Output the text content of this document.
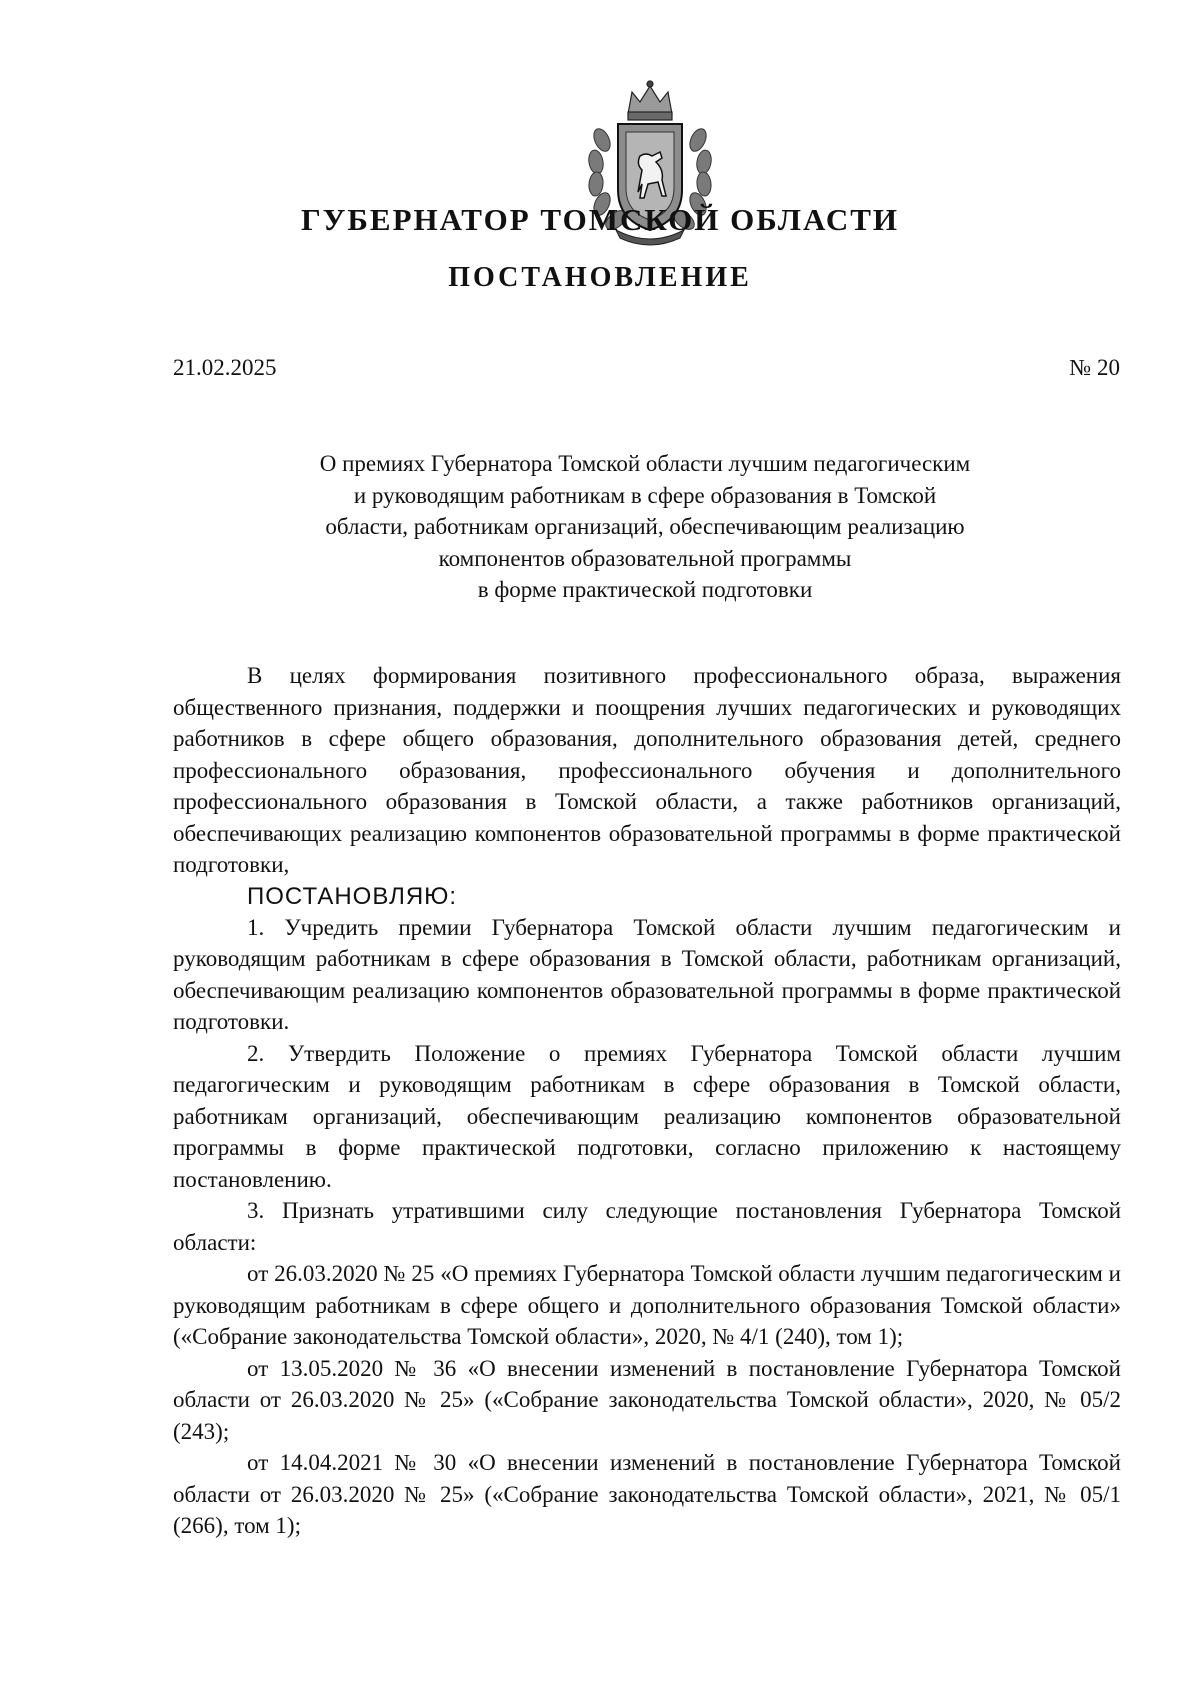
ГУБЕРНАТОР ТОМСКОЙ ОБЛАСТИ
ПОСТАНОВЛЕНИЕ
21.02.2025	№ 20
О премиях Губернатора Томской области лучшим педагогическим
и руководящим работникам в сфере образования в Томской
области, работникам организаций, обеспечивающим реализацию
компонентов образовательной программы
в форме практической подготовки

В целях формирования позитивного профессионального образа, выражения общественного признания, поддержки и поощрения лучших педагогических и руководящих работников в сфере общего образования, дополнительного образования детей, среднего профессионального образования, профессионального обучения и дополнительного профессионального образования в Томской области, а также работников организаций, обеспечивающих реализацию компонентов образовательной программы в форме практической подготовки,

ПОСТАНОВЛЯЮ:

1. Учредить премии Губернатора Томской области лучшим педагогическим и руководящим работникам в сфере образования в Томской области, работникам организаций, обеспечивающим реализацию компонентов образовательной программы в форме практической подготовки.

2. Утвердить Положение о премиях Губернатора Томской области лучшим педагогическим и руководящим работникам в сфере образования в Томской области, работникам организаций, обеспечивающим реализацию компонентов образовательной программы в форме практической подготовки, согласно приложению к настоящему постановлению.

3. Признать утратившими силу следующие постановления Губернатора Томской области:

от 26.03.2020 № 25 «О премиях Губернатора Томской области лучшим педагогическим и руководящим работникам в сфере общего и дополнительного образования Томской области» («Собрание законодательства Томской области», 2020, № 4/1 (240), том 1);

от 13.05.2020 № 36 «О внесении изменений в постановление Губернатора Томской области от 26.03.2020 № 25» («Собрание законодательства Томской области», 2020, № 05/2 (243);

от 14.04.2021 № 30 «О внесении изменений в постановление Губернатора Томской области от 26.03.2020 № 25» («Собрание законодательства Томской области», 2021, № 05/1 (266), том 1);
